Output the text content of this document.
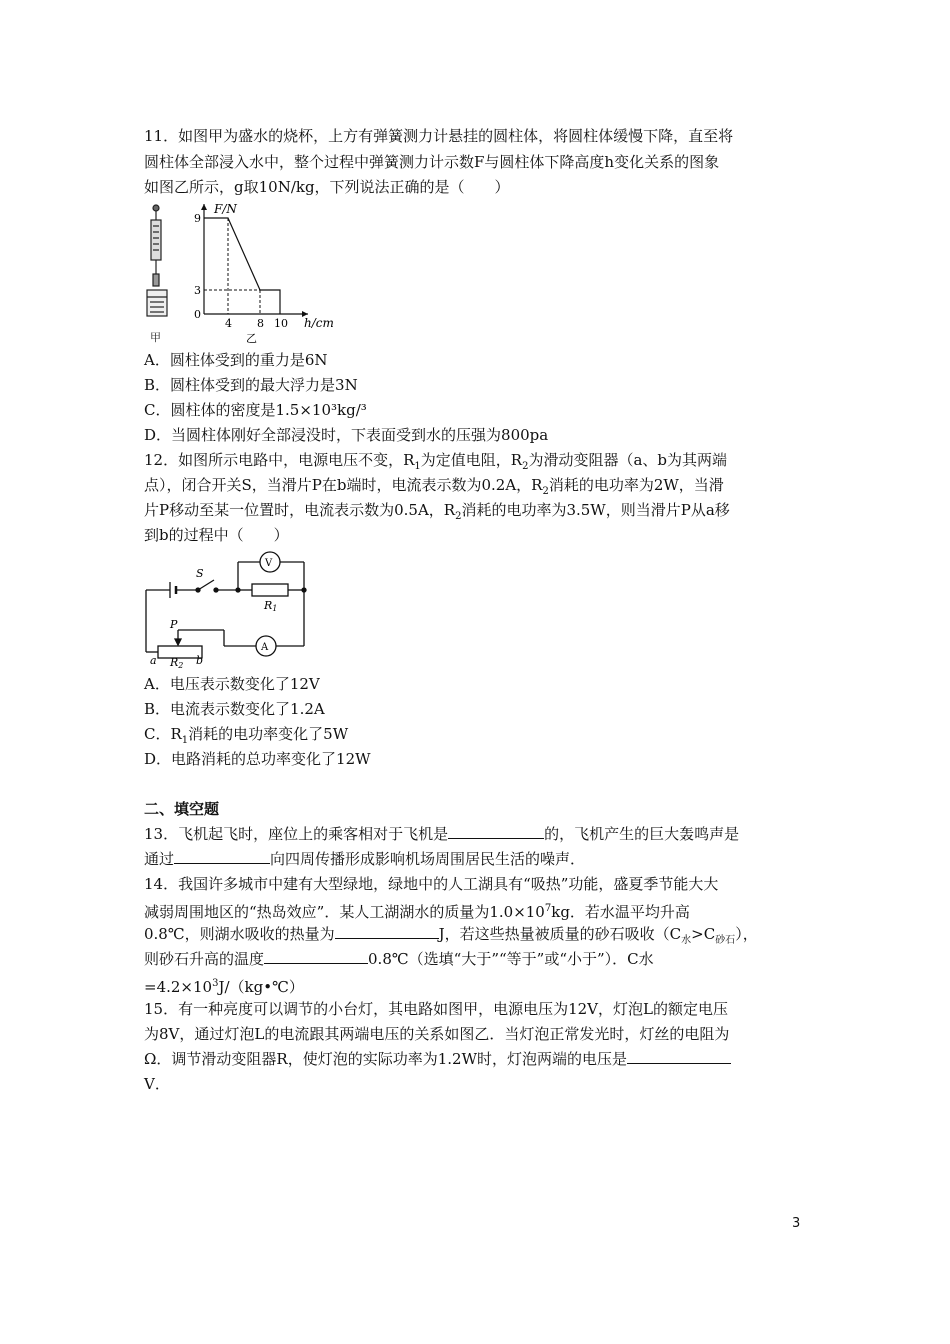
11．如图甲为盛水的烧杯，上方有弹簧测力计悬挂的圆柱体，将圆柱体缓慢下降，直至将
圆柱体全部浸入水中，整个过程中弹簧测力计示数F与圆柱体下降高度h变化关系的图象
如图乙所示，g取10N/kg，下列说法正确的是（　　）
甲
F/N
9
3
0
4 8 10 h/cm
乙
A．圆柱体受到的重力是6N
B．圆柱体受到的最大浮力是3N
C．圆柱体的密度是1.5×10³kg/³
D．当圆柱体刚好全部浸没时，下表面受到水的压强为800pa
12．如图所示电路中，电源电压不变，$R_1$为定值电阻，$R_2$为滑动变阻器（a、b为其两端
点），闭合开关S，当滑片P在b端时，电流表示数为0.2A，$R_2$消耗的电功率为2W，当滑
片P移动至某一位置时，电流表示数为0.5A，$R_2$消耗的电功率为3.5W，则当滑片P从a移
到b的过程中（　　）
S
V
A
R1
P
a R2 b
A．电压表示数变化了12V
B．电流表示数变化了1.2A
C．$R_1$消耗的电功率变化了5W
D．电路消耗的总功率变化了12W
二、填空题
13．飞机起飞时，座位上的乘客相对于飞机是	的，飞机产生的巨大轰鸣声是
通过	向四周传播形成影响机场周围居民生活的噪声．
14．我国许多城市中建有大型绿地，绿地中的人工湖具有“吸热”功能，盛夏季节能大大
减弱周围地区的“热岛效应”．某人工湖湖水的质量为$1.0\times 10^7kg$．若水温平均升高
0.8℃，则湖水吸收的热量为	J，若这些热量被质量的砂石吸收$(C_水>C_{砂石})$，
则砂石升高的温度	0.8℃（选填“大于”“等于”或“小于”）．C水
$=4.2\times 10^3J/(kg•℃)$
15．有一种亮度可以调节的小台灯，其电路如图甲，电源电压为12V，灯泡L的额定电压
为8V，通过灯泡L的电流跟其两端电压的关系如图乙．当灯泡正常发光时，灯丝的电阻为
Ω．调节滑动变阻器R，使灯泡的实际功率为1.2W时，灯泡两端的电压是
V．
3
